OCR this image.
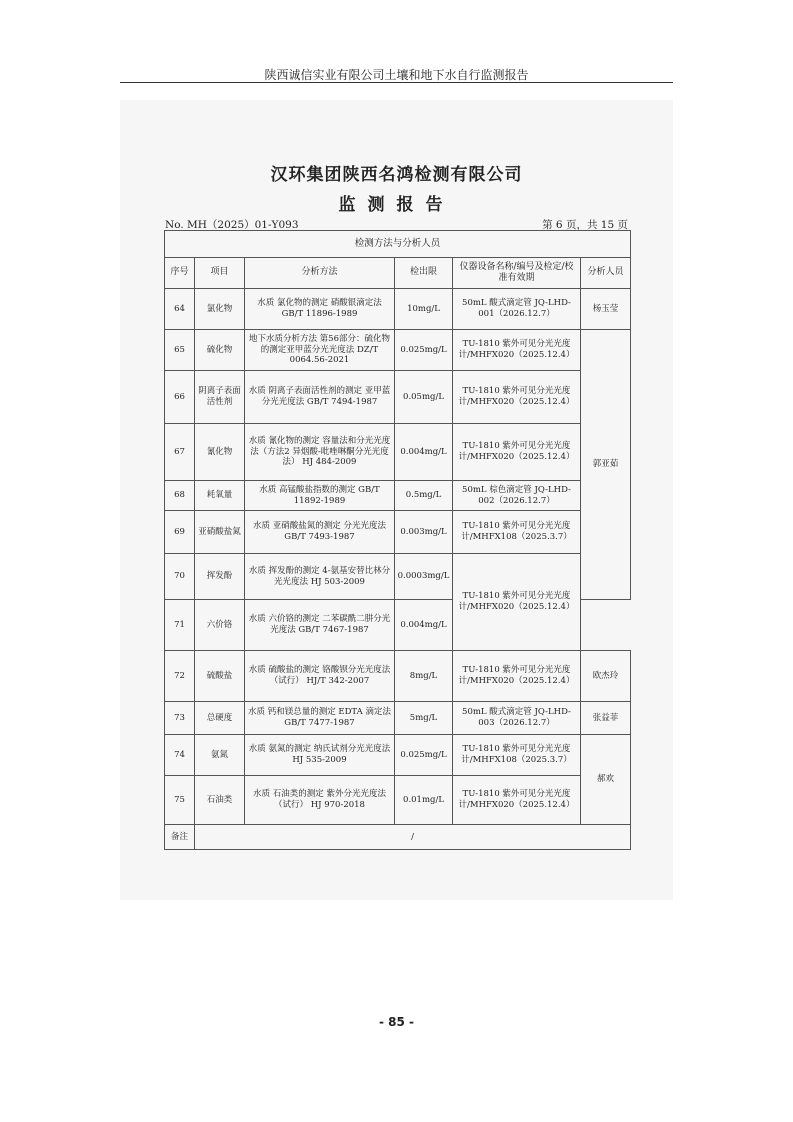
陕西诚信实业有限公司土壤和地下水自行监测报告
汉环集团陕西名鸿检测有限公司
监测报告
No. MH（2025）01-Y093	第 6 页，共 15 页
检测方法与分析人员					
序号	项目	分析方法	检出限	仪器设备名称/编号及检定/校准有效期	分析人员
64	氯化物	水质 氯化物的测定 硝酸银滴定法 GB/T 11896-1989	10mg/L	50mL 酸式滴定管 JQ-LHD-001（2026.12.7）	杨玉莹
65	硫化物	地下水质分析方法 第56部分：硫化物的测定亚甲蓝分光光度法 DZ/T 0064.56-2021	0.025mg/L	TU-1810 紫外可见分光光度计/MHFX020（2025.12.4）	郭亚茹
66	阴离子表面活性剂	水质 阴离子表面活性剂的测定 亚甲蓝分光光度法 GB/T 7494-1987	0.05mg/L	TU-1810 紫外可见分光光度计/MHFX020（2025.12.4）	
67	氰化物	水质 氰化物的测定 容量法和分光光度法（方法2 异烟酸-吡唑啉酮分光光度法） HJ 484-2009	0.004mg/L	TU-1810 紫外可见分光光度计/MHFX020（2025.12.4）	
68	耗氧量	水质 高锰酸盐指数的测定 GB/T 11892-1989	0.5mg/L	50mL 棕色滴定管 JQ-LHD-002（2026.12.7）	
69	亚硝酸盐氮	水质 亚硝酸盐氮的测定 分光光度法 GB/T 7493-1987	0.003mg/L	TU-1810 紫外可见分光光度计/MHFX108（2025.3.7）	
70	挥发酚	水质 挥发酚的测定 4-氨基安替比林分光光度法 HJ 503-2009	0.0003mg/L	TU-1810 紫外可见分光光度计/MHFX020（2025.12.4）	
71	六价铬	水质 六价铬的测定 二苯碳酰二肼分光光度法 GB/T 7467-1987	0.004mg/L		
72	硫酸盐	水质 硫酸盐的测定 铬酸钡分光光度法（试行） HJ/T 342-2007	8mg/L	TU-1810 紫外可见分光光度计/MHFX020（2025.12.4）	欧杰玲
73	总硬度	水质 钙和镁总量的测定 EDTA 滴定法 GB/T 7477-1987	5mg/L	50mL 酸式滴定管 JQ-LHD-003（2026.12.7）	张益菲
74	氨氮	水质 氨氮的测定 纳氏试剂分光光度法 HJ 535-2009	0.025mg/L	TU-1810 紫外可见分光光度计/MHFX108（2025.3.7）	郝欢
75	石油类	水质 石油类的测定 紫外分光光度法（试行） HJ 970-2018	0.01mg/L	TU-1810 紫外可见分光光度计/MHFX020（2025.12.4）	
备注	/				
- 85 -
